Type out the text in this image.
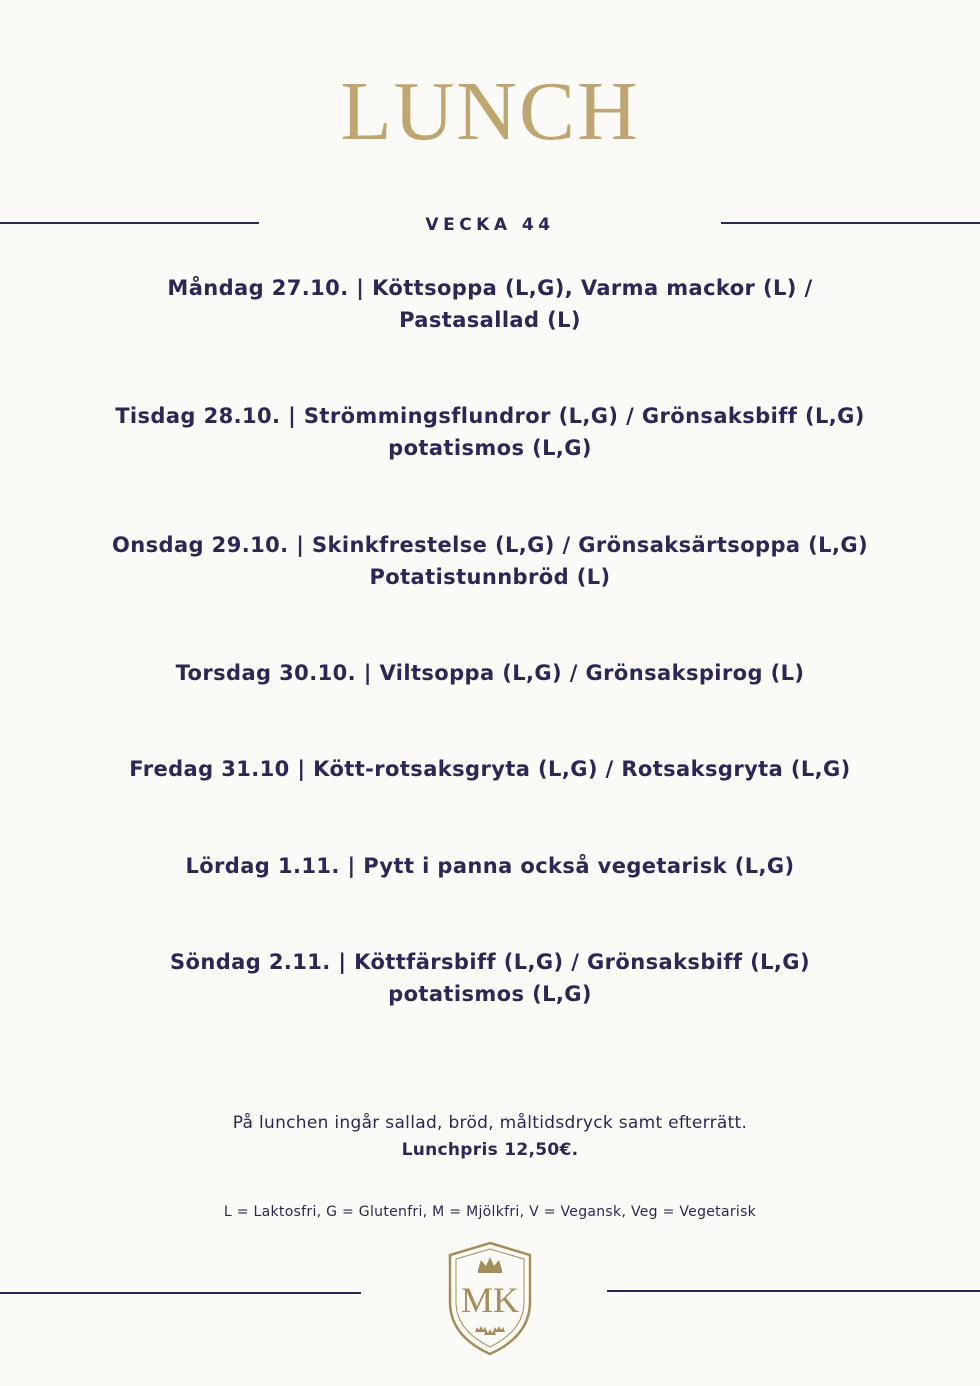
LUNCH
VECKA 44
Måndag 27.10. | Köttsoppa (L,G), Varma mackor (L) /
Pastasallad (L)
Tisdag 28.10. | Strömmingsflundror (L,G) / Grönsaksbiff (L,G)
potatismos (L,G)
Onsdag 29.10. | Skinkfrestelse (L,G) / Grönsaksärtsoppa (L,G)
Potatistunnbröd (L)
Torsdag 30.10. | Viltsoppa (L,G) / Grönsakspirog (L)
Fredag 31.10 | Kött-rotsaksgryta (L,G) / Rotsaksgryta (L,G)
Lördag 1.11. | Pytt i panna också vegetarisk (L,G)
Söndag 2.11. | Köttfärsbiff (L,G) / Grönsaksbiff (L,G)
potatismos (L,G)
På lunchen ingår sallad, bröd, måltidsdryck samt efterrätt.
Lunchpris 12,50€.
L = Laktosfri, G = Glutenfri, M = Mjölkfri, V = Vegansk, Veg = Vegetarisk
MK
